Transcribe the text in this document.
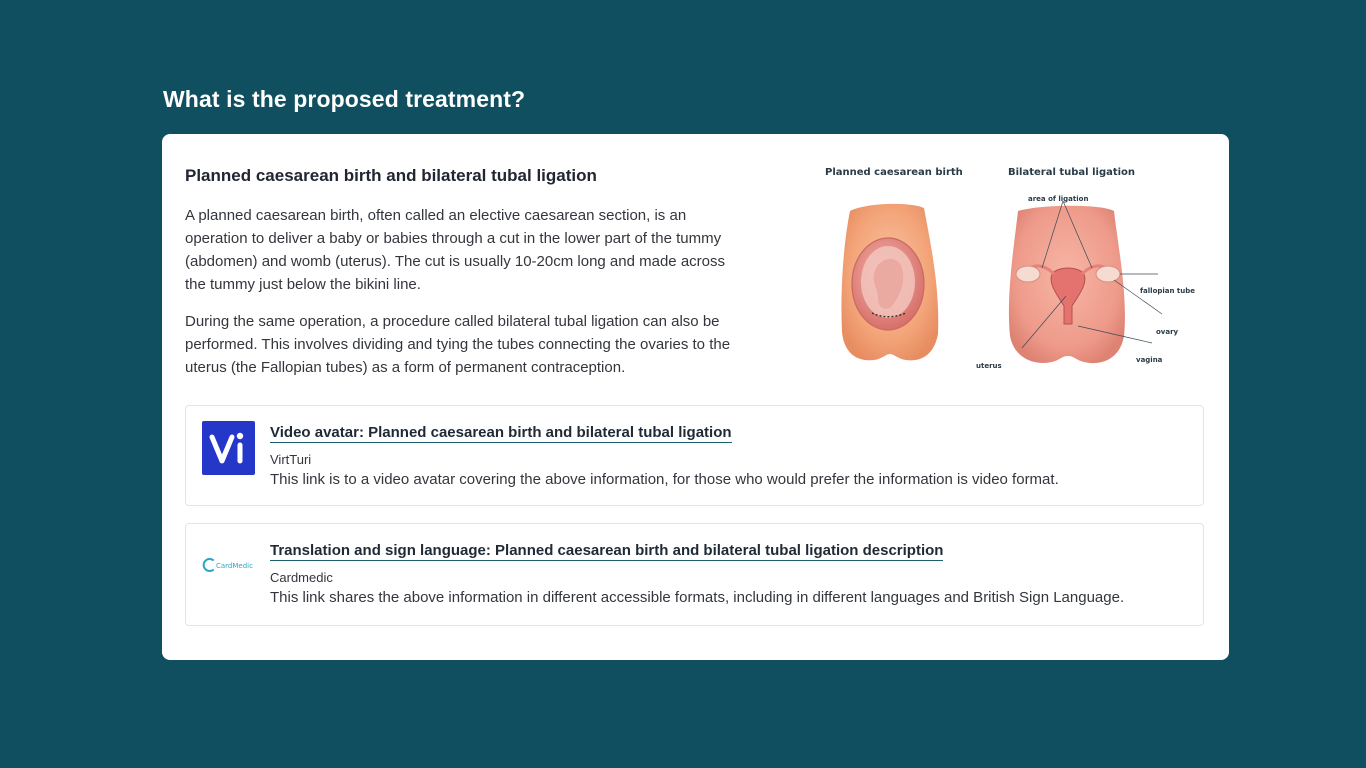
What is the proposed treatment?
Planned caesarean birth and bilateral tubal ligation

A planned caesarean birth, often called an elective caesarean section, is an operation to deliver a baby or babies through a cut in the lower part of the tummy (abdomen) and womb (uterus). The cut is usually 10-20cm long and made across the tummy just below the bikini line.

During the same operation, a procedure called bilateral tubal ligation can also be performed. This involves dividing and tying the tubes connecting the ovaries to the uterus (the Fallopian tubes) as a form of permanent contraception.

Planned caesarean birth	Bilateral tubal ligation
area of ligation
fallopian tube
ovary
vagina
uterus
Video avatar: Planned caesarean birth and bilateral tubal ligation

VirtTuri

This link is to a video avatar covering the above information, for those who would prefer the information is video format.

CardMedic
Translation and sign language: Planned caesarean birth and bilateral tubal ligation description

Cardmedic

This link shares the above information in different accessible formats, including in different languages and British Sign Language.
